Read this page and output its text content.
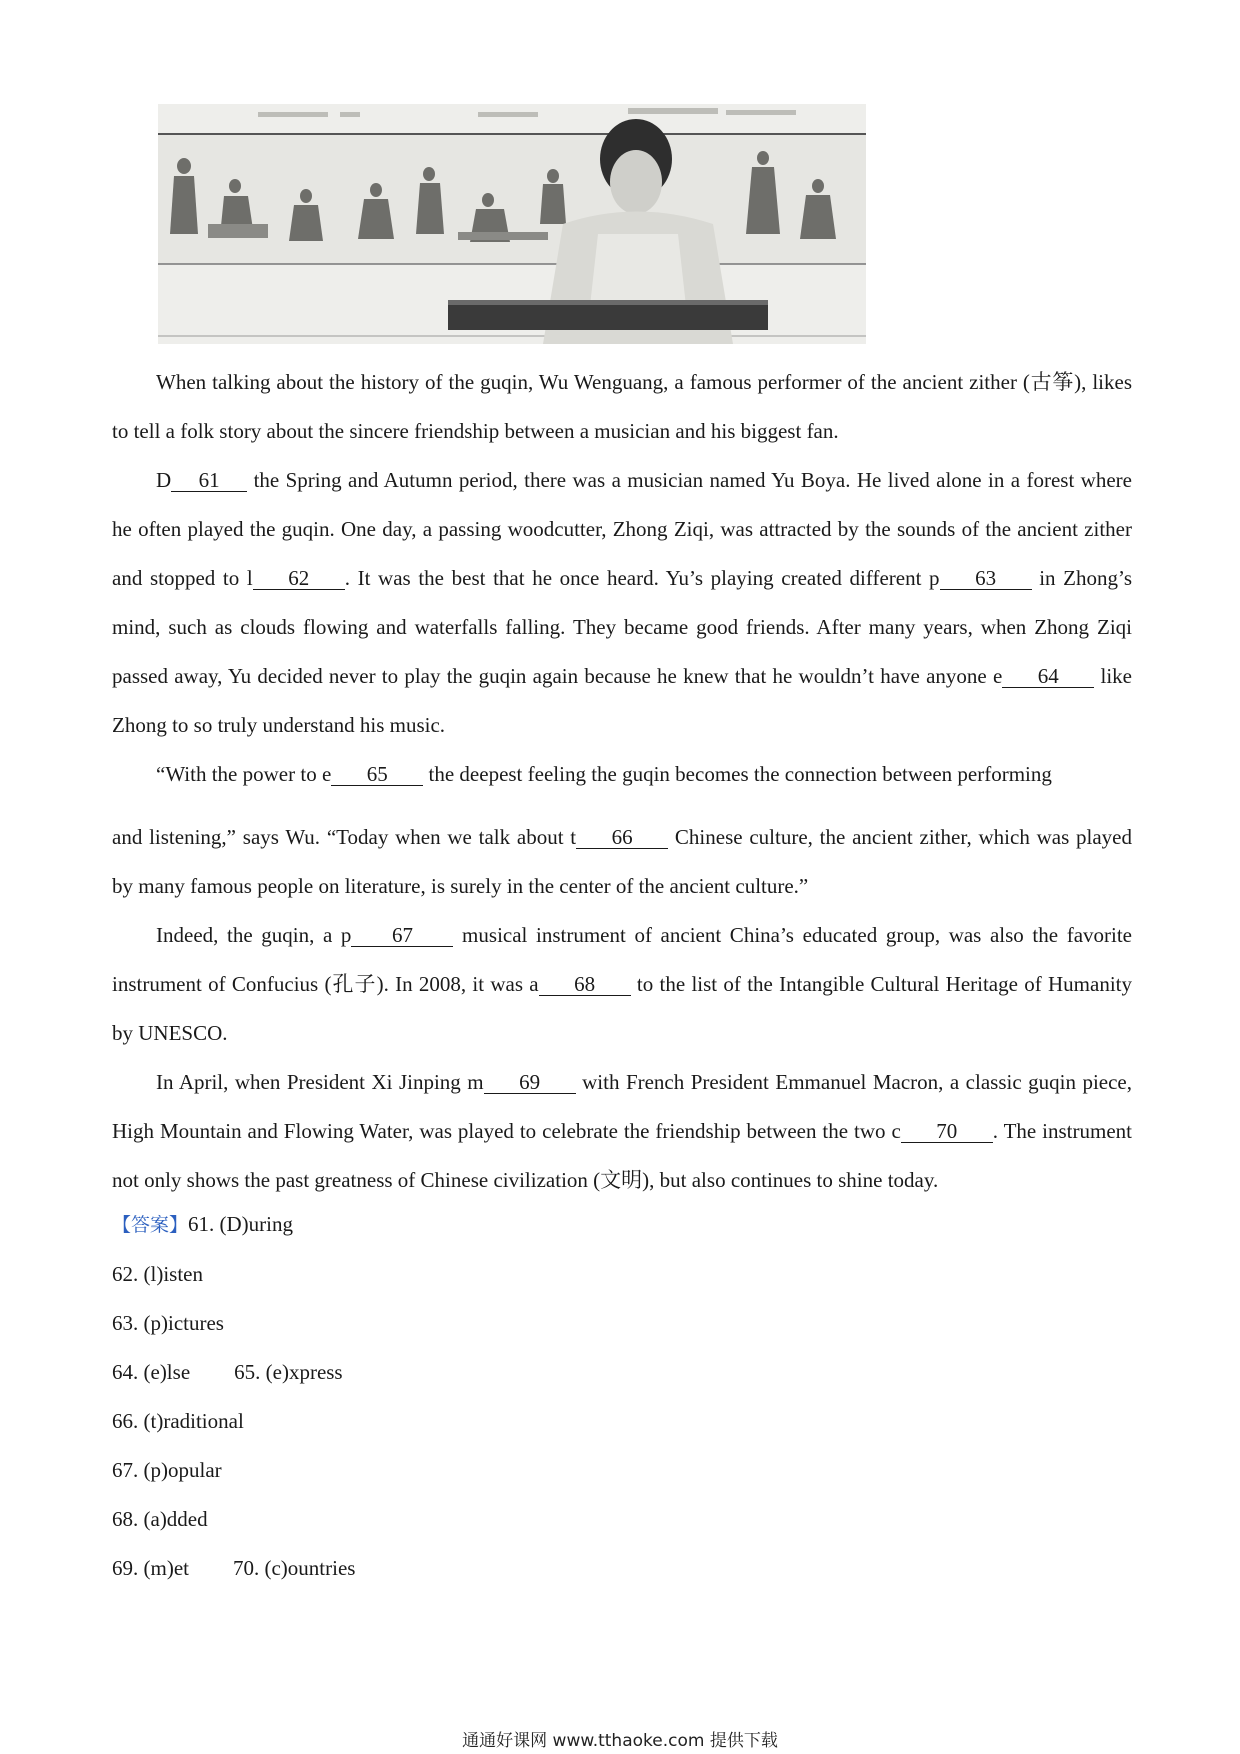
When talking about the history of the guqin, Wu Wenguang, a famous performer of the ancient zither (古筝), likes to tell a folk story about the sincere friendship between a musician and his biggest fan.

D 61 the Spring and Autumn period, there was a musician named Yu Boya. He lived alone in a forest where he often played the guqin. One day, a passing woodcutter, Zhong Ziqi, was attracted by the sounds of the ancient zither and stopped to l 62 . It was the best that he once heard. Yu’s playing created different p 63 in Zhong’s mind, such as clouds flowing and waterfalls falling. They became good friends. After many years, when Zhong Ziqi passed away, Yu decided never to play the guqin again because he knew that he wouldn’t have anyone e 64 like Zhong to so truly understand his music.

“With the power to e 65 the deepest feeling the guqin becomes the connection between performing

and listening,” says Wu. “Today when we talk about t 66 Chinese culture, the ancient zither, which was played by many famous people on literature, is surely in the center of the ancient culture.”

Indeed, the guqin, a p 67 musical instrument of ancient China’s educated group, was also the favorite instrument of Confucius (孔子). In 2008, it was a 68 to the list of the Intangible Cultural Heritage of Humanity by UNESCO.

In April, when President Xi Jinping m 69 with French President Emmanuel Macron, a classic guqin piece, High Mountain and Flowing Water, was played to celebrate the friendship between the two c 70 . The instrument not only shows the past greatness of Chinese civilization (文明), but also continues to shine today.

【答案】61. (D)uring

62. (l)isten

63. (p)ictures

64. (e)lse 65. (e)xpress

66. (t)raditional

67. (p)opular

68. (a)dded

69. (m)et 70. (c)ountries

通通好课网 www.tthaoke.com 提供下载
